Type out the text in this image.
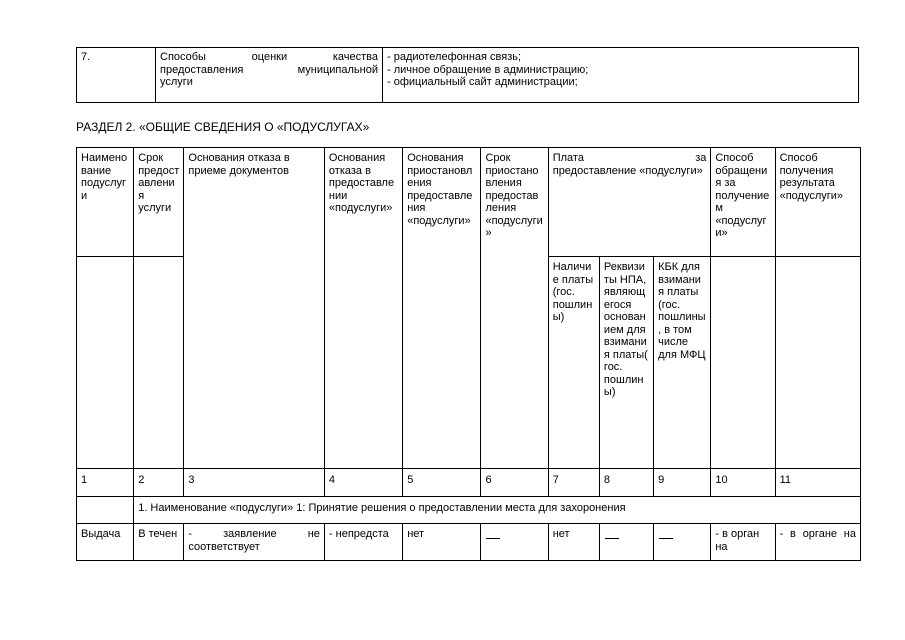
7.	Способы оценки качества
предоставления муниципальной
услуги

- радиотелефонная связь;
- личное обращение в администрацию;
- официальный сайт администрации;
РАЗДЕЛ 2. «ОБЩИЕ СВЕДЕНИЯ О «ПОДУСЛУГАХ»
Наименование подуслуги	Срок предоставления услуги	Основания отказа в приеме документов	Основания отказа в предоставлении «подуслуги»	Основания приостановления предоставления «подуслуги»	Срок приостановления предоставления «подуслуги»	Плата за
предоставление «подуслуги»			Способ обращения за получением «подуслуги»	Способ получения результата «подуслуги»
						Наличие платы (гос. пошлины)	Реквизиты НПА, являющегося основанием для взимания платы( гос. пошлины)	КБК для взимания платы (гос. пошлины, в том числе для МФЦ		
1	2	3	4	5	6	7	8	9	10	11
	1. Наименование «подуслуги» 1: Принятие решения о предоставлении места для захоронения									
Выдача	В течен	- заявление не соответствует	- непредста	нет		нет			- в орган на	- в органе на
